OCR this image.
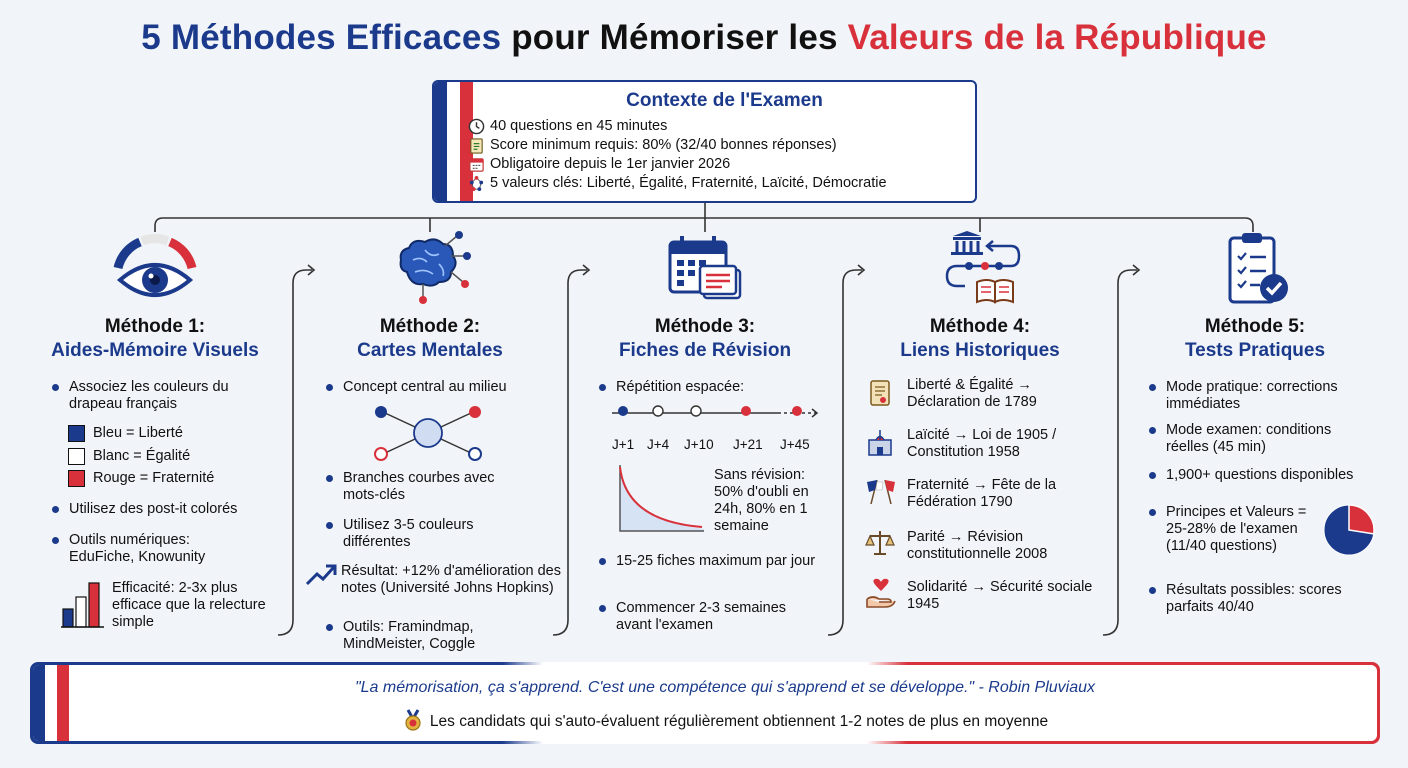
5 Méthodes Efficaces pour Mémoriser les Valeurs de la République
Contexte de l'Examen
40 questions en 45 minutes
Score minimum requis: 80% (32/40 bonnes réponses)
Obligatoire depuis le 1er janvier 2026
5 valeurs clés: Liberté, Égalité, Fraternité, Laïcité, Démocratie
Méthode 1:
Aides-Mémoire Visuels
Associez les couleurs du drapeau français
Bleu = Liberté
Blanc = Égalité
Rouge = Fraternité
Utilisez des post-it colorés
Outils numériques: EduFiche, Knowunity
Efficacité: 2-3x plus efficace que la relecture simple
Méthode 2:
Cartes Mentales
Concept central au milieu
Branches courbes avec mots-clés
Utilisez 3-5 couleurs différentes
Résultat: +12% d'amélioration des notes (Université Johns Hopkins)
Outils: Framindmap, MindMeister, Coggle
Méthode 3:
Fiches de Révision
Répétition espacée:
J+1 J+4 J+10 J+21 J+45
Sans révision: 50% d'oubli en 24h, 80% en 1 semaine
15-25 fiches maximum par jour
Commencer 2-3 semaines avant l'examen
Méthode 4:
Liens Historiques
Liberté & Égalité → Déclaration de 1789
Laïcité → Loi de 1905 / Constitution 1958
Fraternité → Fête de la Fédération 1790
Parité → Révision constitutionnelle 2008
Solidarité → Sécurité sociale 1945
Méthode 5:
Tests Pratiques
Mode pratique: corrections immédiates
Mode examen: conditions réelles (45 min)
1,900+ questions disponibles
Principes et Valeurs = 25-28% de l'examen (11/40 questions)
Résultats possibles: scores parfaits 40/40
"La mémorisation, ça s'apprend. C'est une compétence qui s'apprend et se développe." - Robin Pluviaux
Les candidats qui s'auto-évaluent régulièrement obtiennent 1-2 notes de plus en moyenne
